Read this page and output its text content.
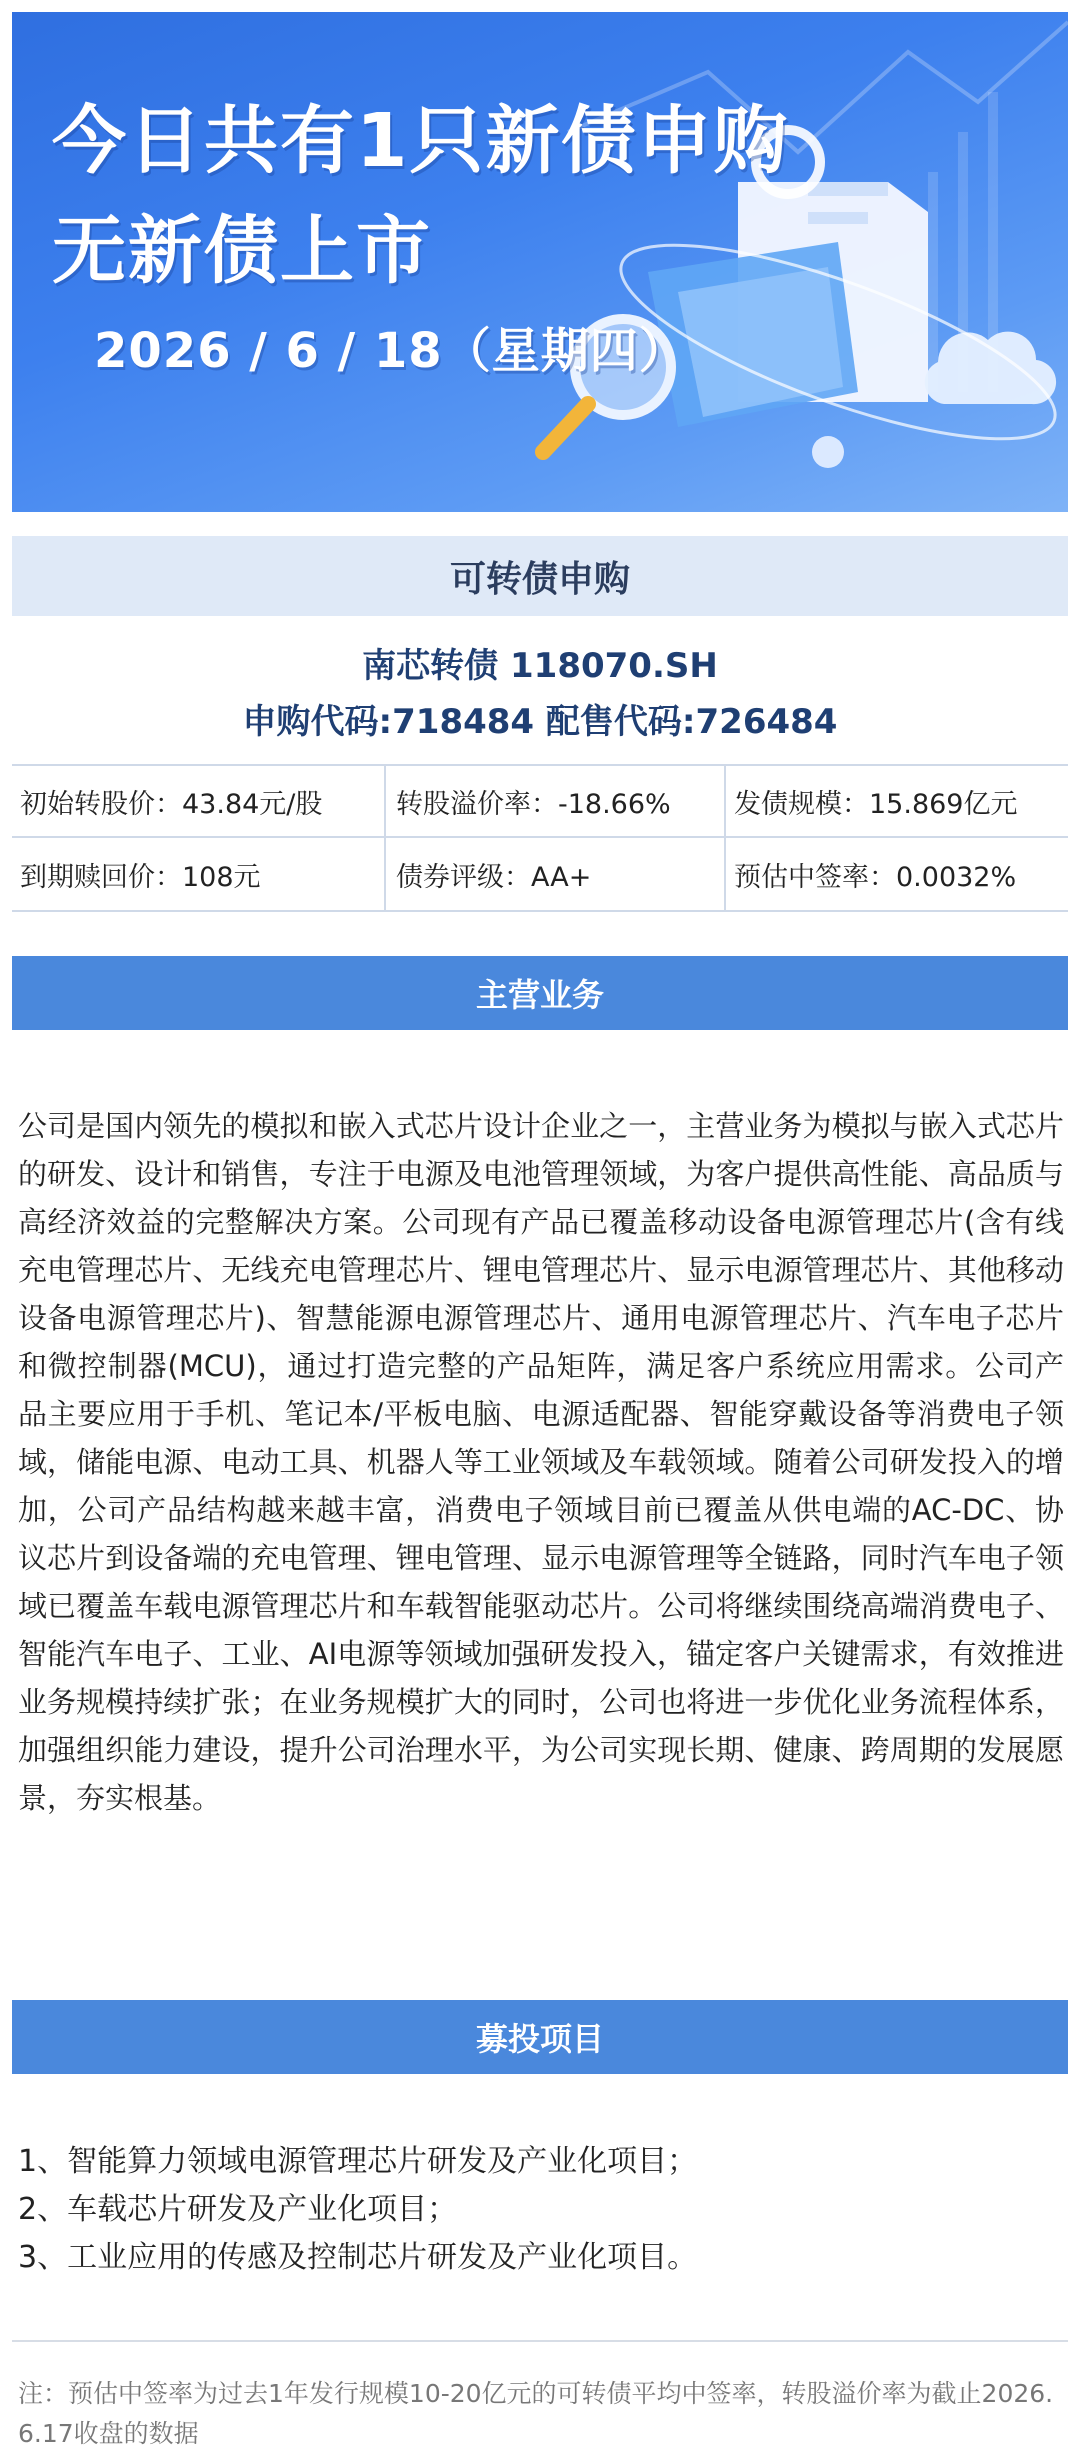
今日共有1只新债申购
无新债上市
2026 / 6 / 18（星期四）
可转债申购
南芯转债 118070.SH
申购代码:718484 配售代码:726484
初始转股价：43.84元/股	转股溢价率：-18.66%	发债规模：15.869亿元
到期赎回价：108元	债券评级：AA+	预估中签率：0.0032%
主营业务
公司是国内领先的模拟和嵌入式芯片设计企业之一，主营业务为模拟与嵌入式芯片的研发、设计和销售，专注于电源及电池管理领域，为客户提供高性能、高品质与高经济效益的完整解决方案。公司现有产品已覆盖移动设备电源管理芯片(含有线充电管理芯片、无线充电管理芯片、锂电管理芯片、显示电源管理芯片、其他移动设备电源管理芯片)、智慧能源电源管理芯片、通用电源管理芯片、汽车电子芯片和微控制器(MCU)，通过打造完整的产品矩阵，满足客户系统应用需求。公司产品主要应用于手机、笔记本/平板电脑、电源适配器、智能穿戴设备等消费电子领域，储能电源、电动工具、机器人等工业领域及车载领域。随着公司研发投入的增加，公司产品结构越来越丰富，消费电子领域目前已覆盖从供电端的AC-DC、协议芯片到设备端的充电管理、锂电管理、显示电源管理等全链路，同时汽车电子领域已覆盖车载电源管理芯片和车载智能驱动芯片。公司将继续围绕高端消费电子、智能汽车电子、工业、AI电源等领域加强研发投入，锚定客户关键需求，有效推进业务规模持续扩张；在业务规模扩大的同时，公司也将进一步优化业务流程体系，加强组织能力建设，提升公司治理水平，为公司实现长期、健康、跨周期的发展愿景，夯实根基。
募投项目
1、智能算力领域电源管理芯片研发及产业化项目；
2、车载芯片研发及产业化项目；
3、工业应用的传感及控制芯片研发及产业化项目。
注：预估中签率为过去1年发行规模10-20亿元的可转债平均中签率，转股溢价率为截止2026.6.17收盘的数据
